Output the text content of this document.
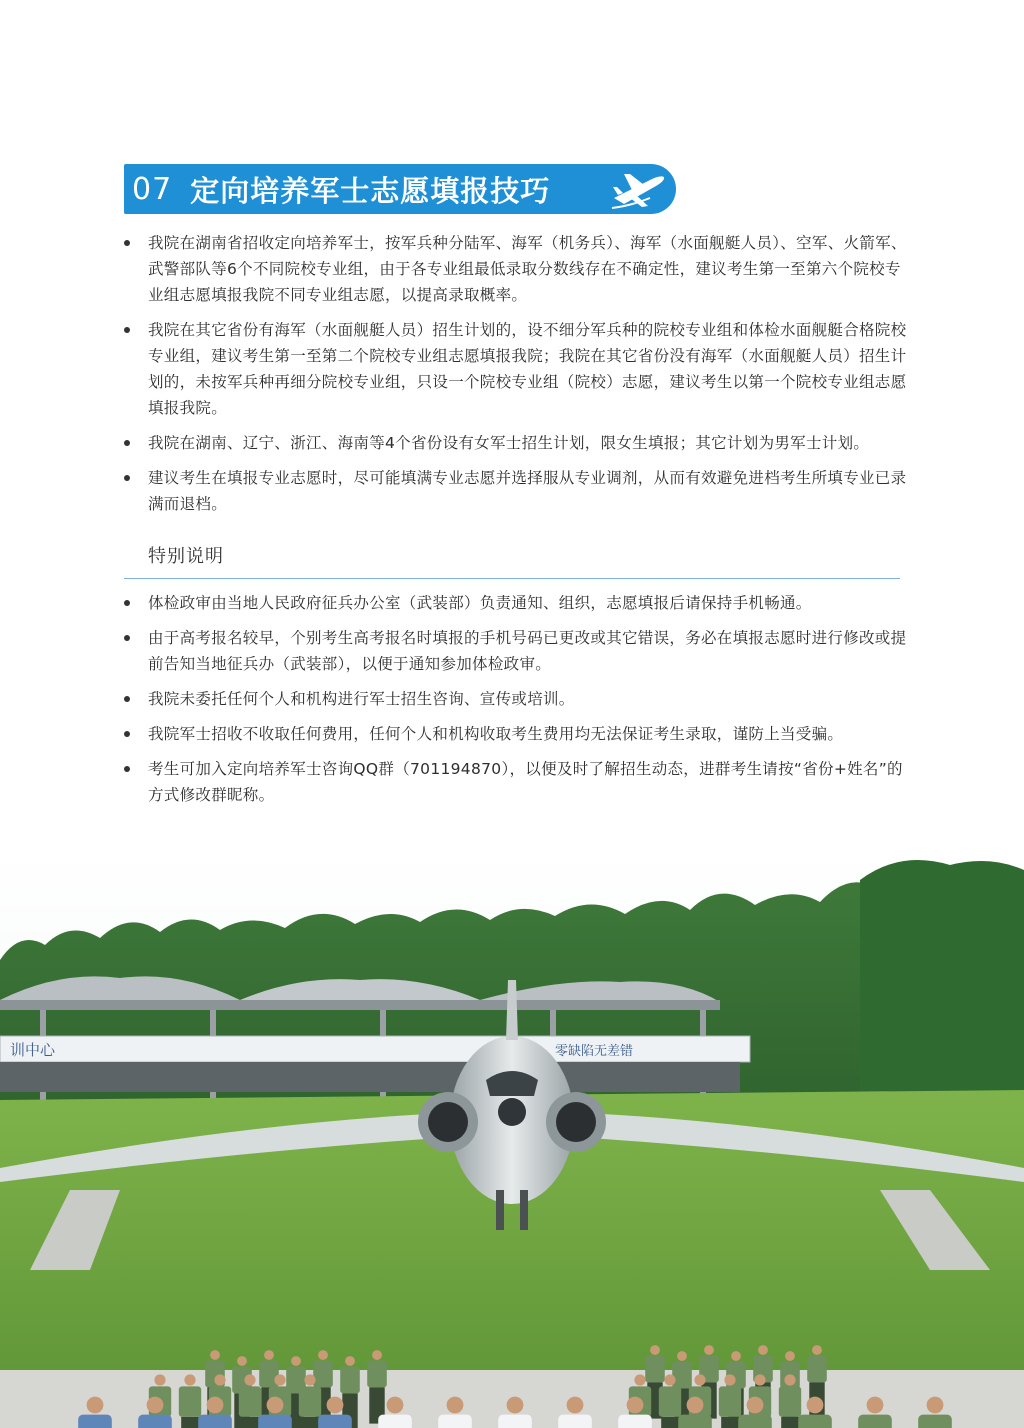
07 定向培养军士志愿填报技巧
我院在湖南省招收定向培养军士，按军兵种分陆军、海军（机务兵）、海军（水面舰艇人员）、空军、火箭军、武警部队等6个不同院校专业组，由于各专业组最低录取分数线存在不确定性，建议考生第一至第六个院校专业组志愿填报我院不同专业组志愿，以提高录取概率。
我院在其它省份有海军（水面舰艇人员）招生计划的，设不细分军兵种的院校专业组和体检水面舰艇合格院校专业组，建议考生第一至第二个院校专业组志愿填报我院；我院在其它省份没有海军（水面舰艇人员）招生计划的，未按军兵种再细分院校专业组，只设一个院校专业组（院校）志愿，建议考生以第一个院校专业组志愿填报我院。
我院在湖南、辽宁、浙江、海南等4个省份设有女军士招生计划，限女生填报；其它计划为男军士计划。
建议考生在填报专业志愿时，尽可能填满专业志愿并选择服从专业调剂，从而有效避免进档考生所填专业已录满而退档。
特别说明
体检政审由当地人民政府征兵办公室（武装部）负责通知、组织，志愿填报后请保持手机畅通。
由于高考报名较早，个别考生高考报名时填报的手机号码已更改或其它错误，务必在填报志愿时进行修改或提前告知当地征兵办（武装部），以便于通知参加体检政审。
我院未委托任何个人和机构进行军士招生咨询、宣传或培训。
我院军士招收不收取任何费用，任何个人和机构收取考生费用均无法保证考生录取，谨防上当受骗。
考生可加入定向培养军士咨询QQ群（701194870），以便及时了解招生动态，进群考生请按“省份+姓名”的方式修改群昵称。
训中心	零缺陷无差错
